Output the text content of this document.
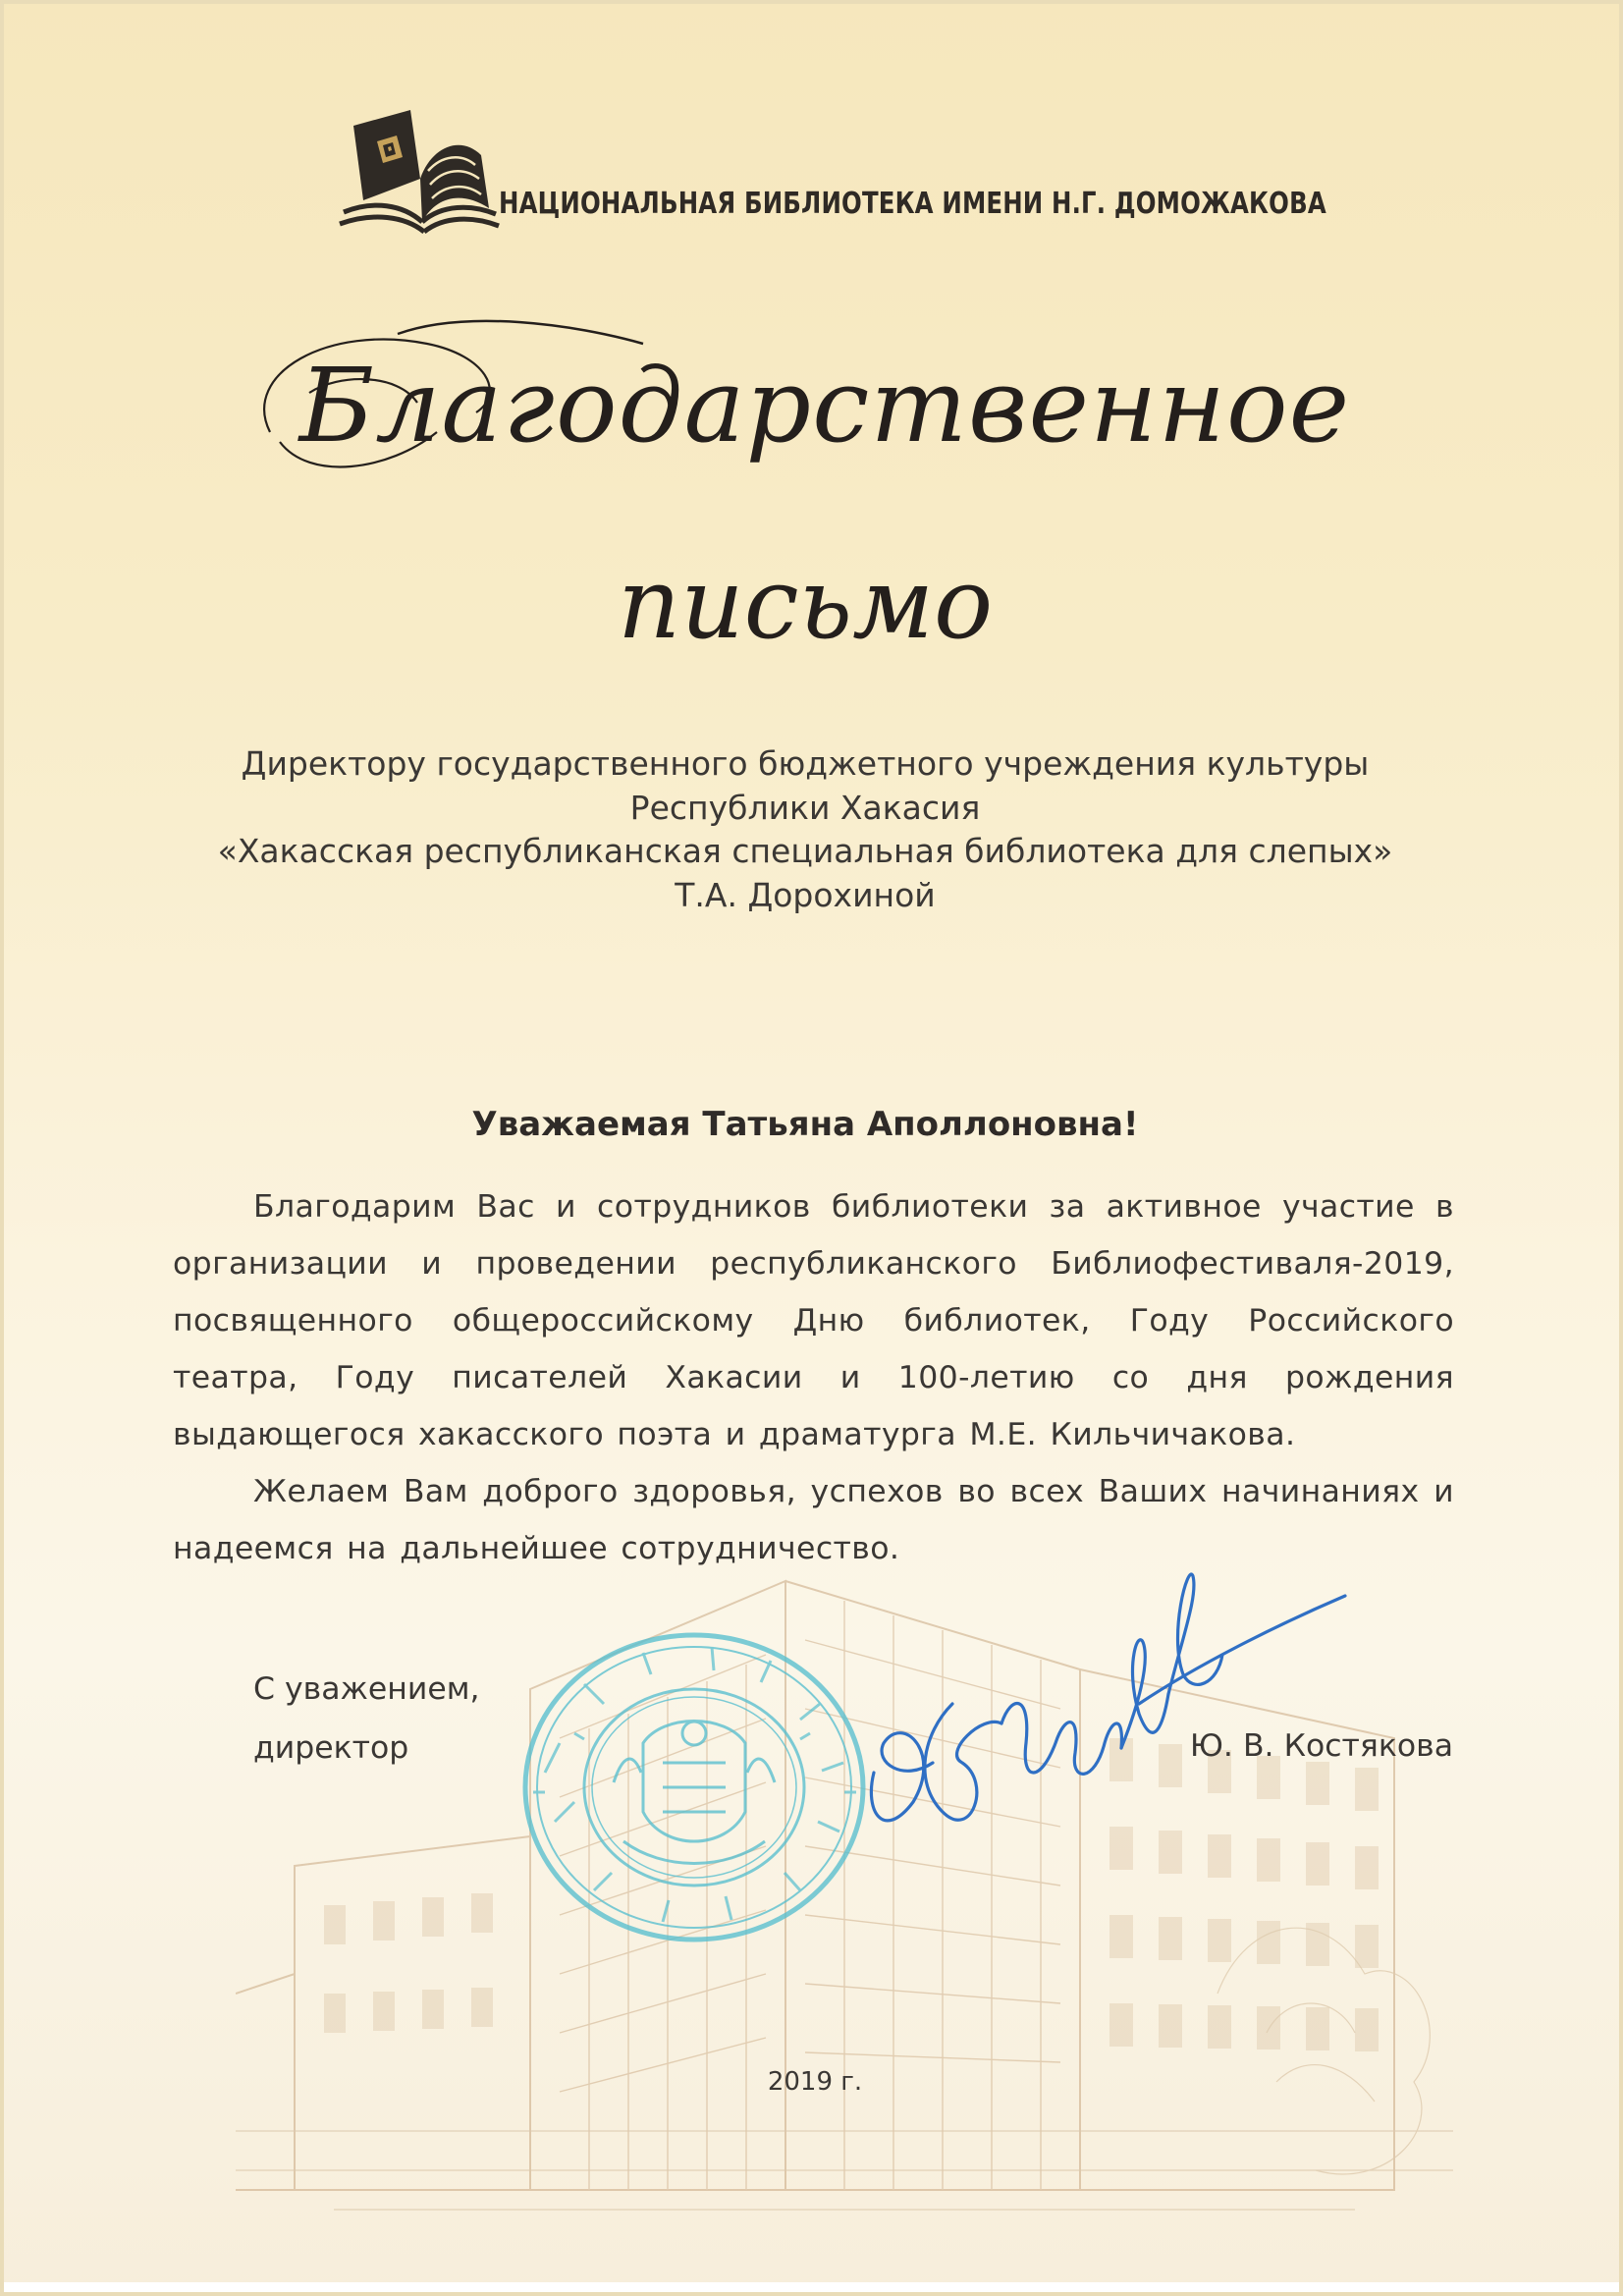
НАЦИОНАЛЬНАЯ БИБЛИОТЕКА ИМЕНИ Н.Г. ДОМОЖАКОВА
Благодарственное
письмо
Директору государственного бюджетного учреждения культуры
Республики Хакасия
«Хакасская республиканская специальная библиотека для слепых»
Т.А. Дорохиной
Уважаемая Татьяна Аполлоновна!

Благодарим Вас и сотрудников библиотеки за активное участие в организации и проведении республиканского Библиофестиваля-2019, посвященного общероссийскому Дню библиотек, Году Российского театра, Году писателей Хакасии и 100-летию со дня рождения выдающегося хакасского поэта и драматурга М.Е. Кильчичакова.

Желаем Вам доброго здоровья, успехов во всех Ваших начинаниях и надеемся на дальнейшее сотрудничество.

С уважением,
директор	Ю. В. Костякова
2019 г.
